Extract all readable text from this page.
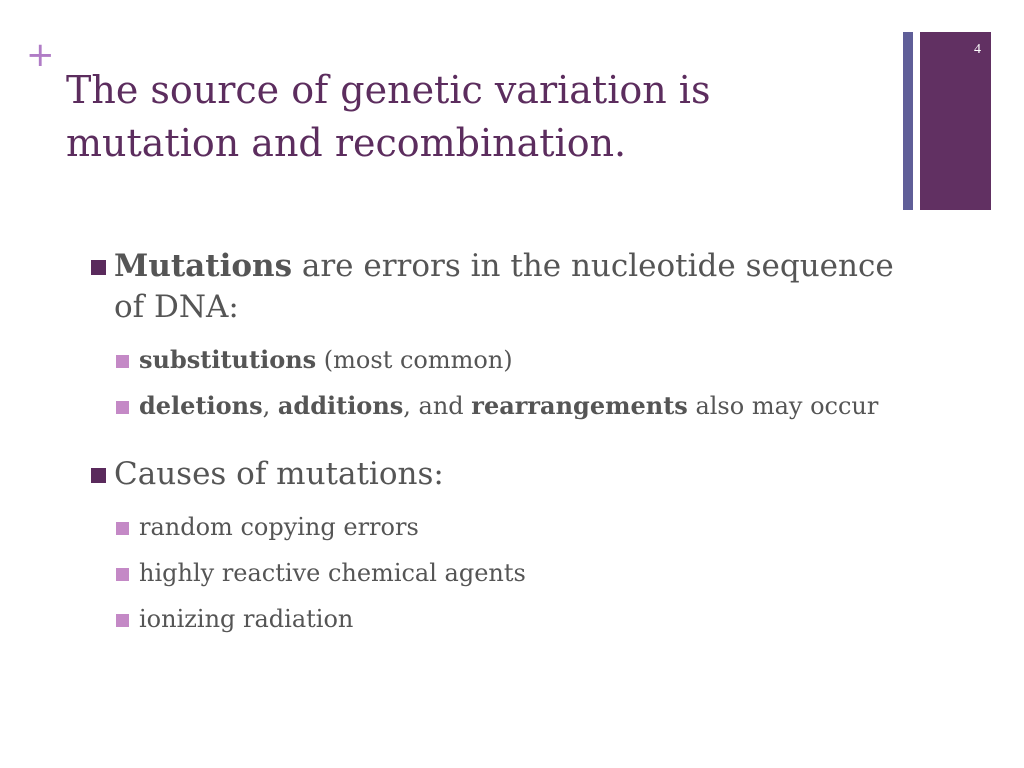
+
The source of genetic variation is mutation and recombination.
4
Mutations are errors in the nucleotide sequence of DNA:
substitutions (most common)
deletions, additions, and rearrangements also may occur
Causes of mutations:
random copying errors
highly reactive chemical agents
ionizing radiation
